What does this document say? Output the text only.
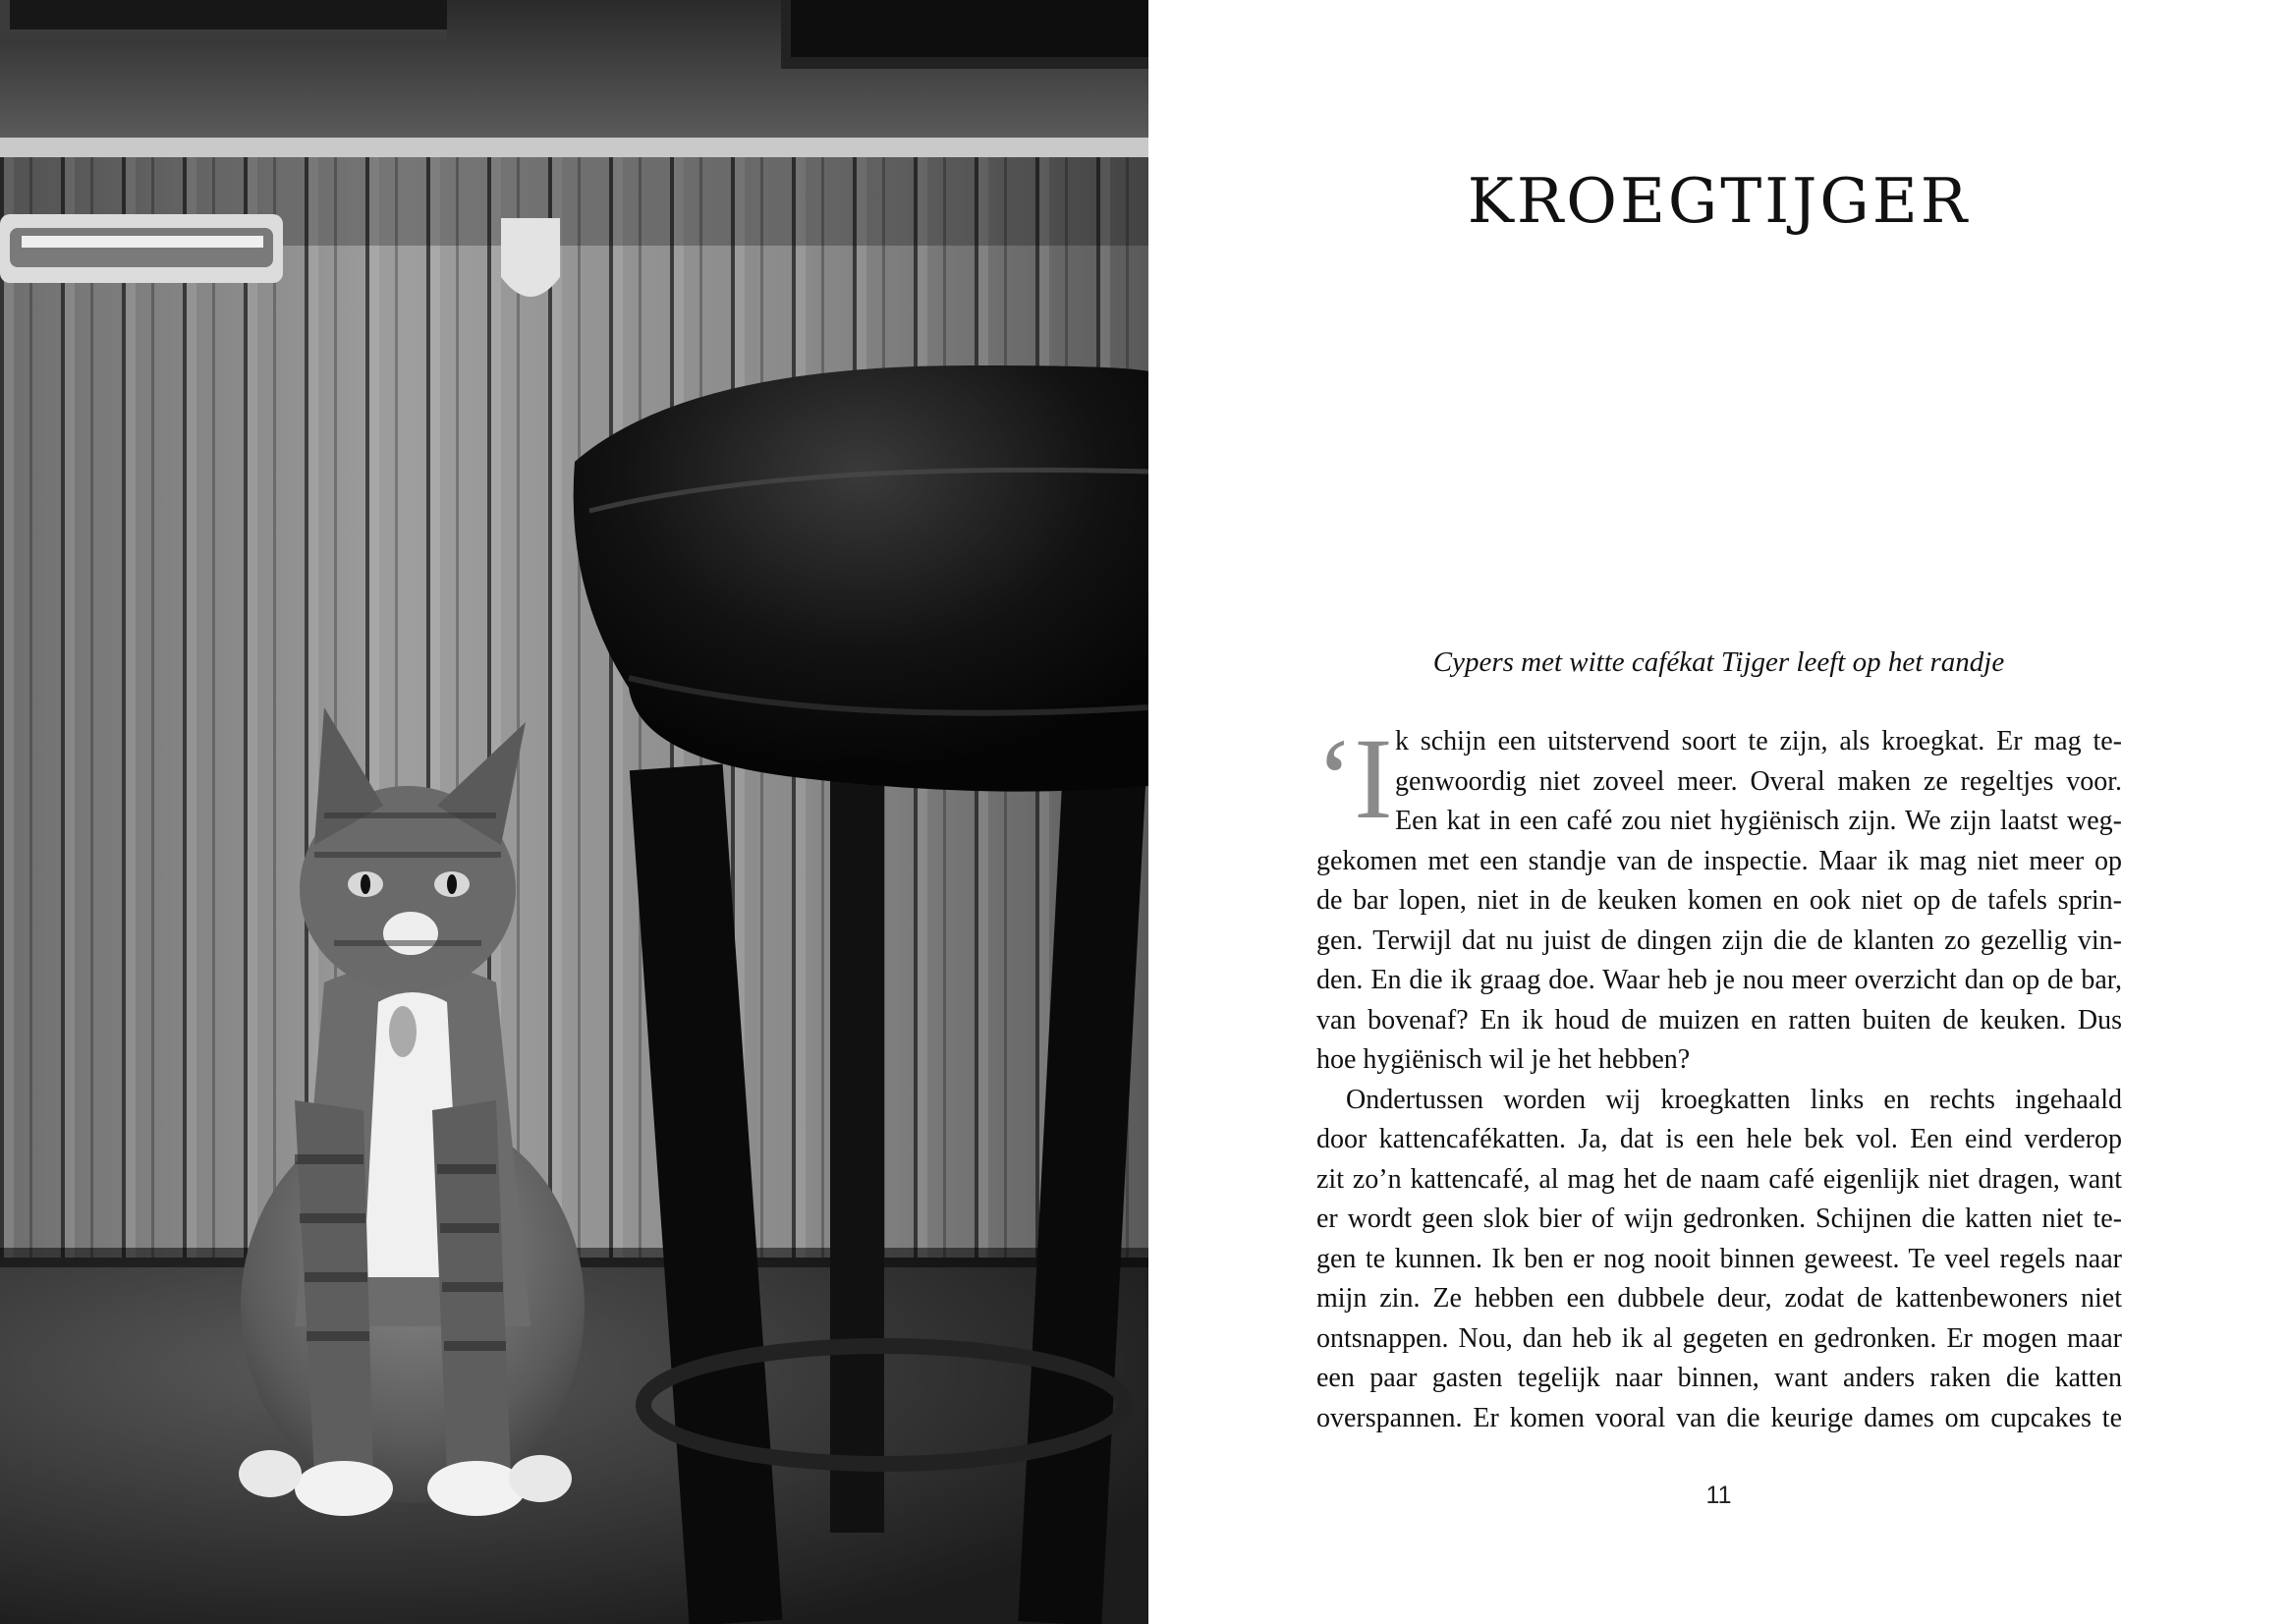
KROEGTIJGER
Cypers met witte cafékat Tijger leeft op het randje
‘I k schijn een uitstervend soort te zijn, als kroegkat. Er mag te-
genwoordig niet zoveel meer. Overal maken ze regeltjes voor.
Een kat in een café zou niet hygiënisch zijn. We zijn laatst weg-
gekomen met een standje van de inspectie. Maar ik mag niet meer op
de bar lopen, niet in de keuken komen en ook niet op de tafels sprin-
gen. Terwijl dat nu juist de dingen zijn die de klanten zo gezellig vin-
den. En die ik graag doe. Waar heb je nou meer overzicht dan op de bar,
van bovenaf? En ik houd de muizen en ratten buiten de keuken. Dus
hoe hygiënisch wil je het hebben?
Ondertussen worden wij kroegkatten links en rechts ingehaald
door kattencafékatten. Ja, dat is een hele bek vol. Een eind verderop
zit zo’n kattencafé, al mag het de naam café eigenlijk niet dragen, want
er wordt geen slok bier of wijn gedronken. Schijnen die katten niet te-
gen te kunnen. Ik ben er nog nooit binnen geweest. Te veel regels naar
mijn zin. Ze hebben een dubbele deur, zodat de kattenbewoners niet
ontsnappen. Nou, dan heb ik al gegeten en gedronken. Er mogen maar
een paar gasten tegelijk naar binnen, want anders raken die katten
overspannen. Er komen vooral van die keurige dames om cupcakes te
11
